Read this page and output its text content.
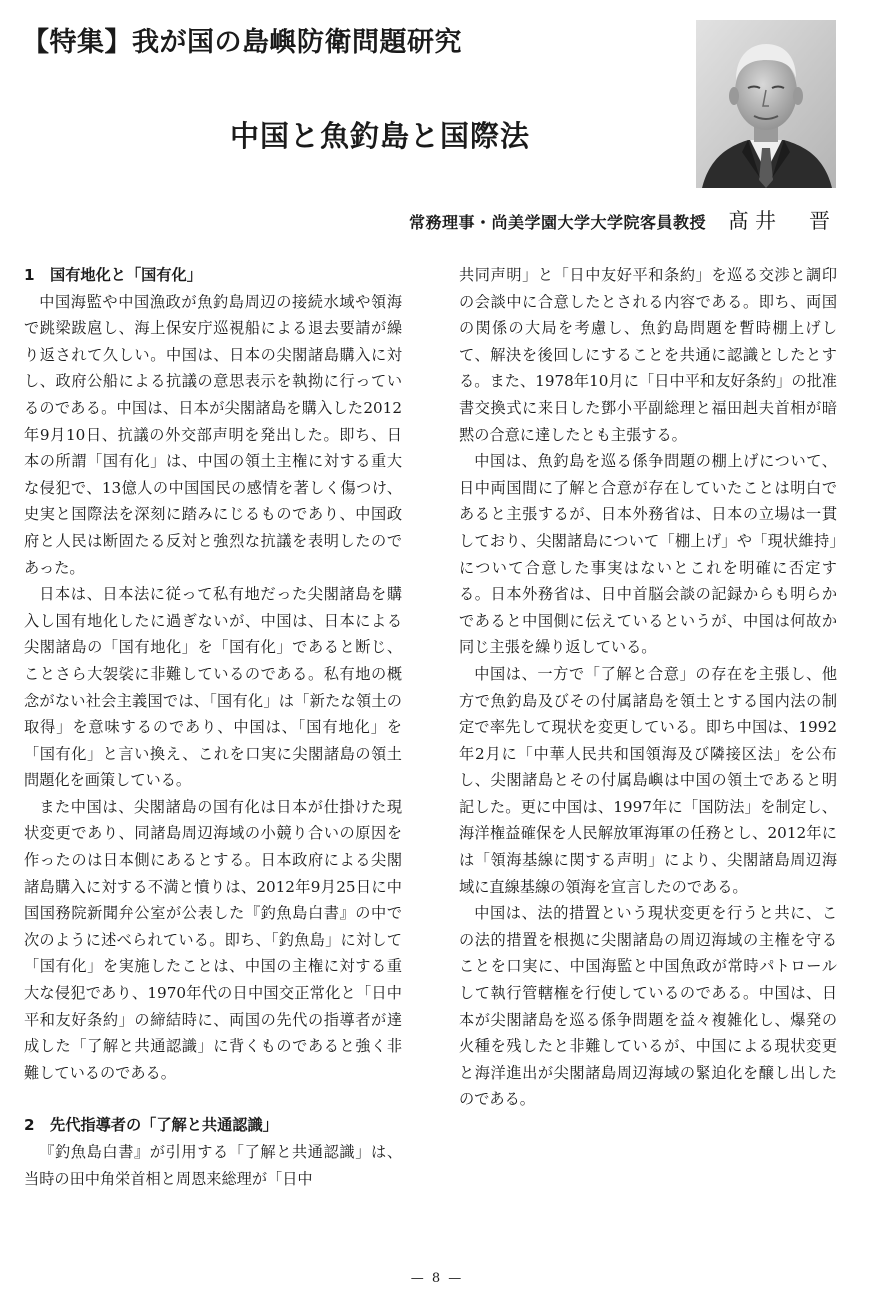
【特集】我が国の島嶼防衛問題研究
中国と魚釣島と国際法
常務理事・尚美学園大学大学院客員教授 髙井　晋
1 国有地化と「国有化」

中国海監や中国漁政が魚釣島周辺の接続水域や領海で跳梁跋扈し、海上保安庁巡視船による退去要請が繰り返されて久しい。中国は、日本の尖閣諸島購入に対し、政府公船による抗議の意思表示を執拗に行っているのである。中国は、日本が尖閣諸島を購入した2012年9月10日、抗議の外交部声明を発出した。即ち、日本の所謂「国有化」は、中国の領土主権に対する重大な侵犯で、13億人の中国国民の感情を著しく傷つけ、史実と国際法を深刻に踏みにじるものであり、中国政府と人民は断固たる反対と強烈な抗議を表明したのであった。

日本は、日本法に従って私有地だった尖閣諸島を購入し国有地化したに過ぎないが、中国は、日本による尖閣諸島の「国有地化」を「国有化」であると断じ、ことさら大袈裟に非難しているのである。私有地の概念がない社会主義国では、「国有化」は「新たな領土の取得」を意味するのであり、中国は、「国有地化」を「国有化」と言い換え、これを口実に尖閣諸島の領土問題化を画策している。

また中国は、尖閣諸島の国有化は日本が仕掛けた現状変更であり、同諸島周辺海域の小競り合いの原因を作ったのは日本側にあるとする。日本政府による尖閣諸島購入に対する不満と憤りは、2012年9月25日に中国国務院新聞弁公室が公表した『釣魚島白書』の中で次のように述べられている。即ち、「釣魚島」に対して「国有化」を実施したことは、中国の主権に対する重大な侵犯であり、1970年代の日中国交正常化と「日中平和友好条約」の締結時に、両国の先代の指導者が達成した「了解と共通認識」に背くものであると強く非難しているのである。

2 先代指導者の「了解と共通認識」

『釣魚島白書』が引用する「了解と共通認識」は、当時の田中角栄首相と周恩来総理が「日中

共同声明」と「日中友好平和条約」を巡る交渉と調印の会談中に合意したとされる内容である。即ち、両国の関係の大局を考慮し、魚釣島問題を暫時棚上げして、解決を後回しにすることを共通に認識としたとする。また、1978年10月に「日中平和友好条約」の批准書交換式に来日した鄧小平副総理と福田赳夫首相が暗黙の合意に達したとも主張する。

中国は、魚釣島を巡る係争問題の棚上げについて、日中両国間に了解と合意が存在していたことは明白であると主張するが、日本外務省は、日本の立場は一貫しており、尖閣諸島について「棚上げ」や「現状維持」について合意した事実はないとこれを明確に否定する。日本外務省は、日中首脳会談の記録からも明らかであると中国側に伝えているというが、中国は何故か同じ主張を繰り返している。

中国は、一方で「了解と合意」の存在を主張し、他方で魚釣島及びその付属諸島を領土とする国内法の制定で率先して現状を変更している。即ち中国は、1992年2月に「中華人民共和国領海及び隣接区法」を公布し、尖閣諸島とその付属島嶼は中国の領土であると明記した。更に中国は、1997年に「国防法」を制定し、海洋権益確保を人民解放軍海軍の任務とし、2012年には「領海基線に関する声明」により、尖閣諸島周辺海域に直線基線の領海を宣言したのである。

中国は、法的措置という現状変更を行うと共に、この法的措置を根拠に尖閣諸島の周辺海域の主権を守ることを口実に、中国海監と中国魚政が常時パトロールして執行管轄権を行使しているのである。中国は、日本が尖閣諸島を巡る係争問題を益々複雑化し、爆発の火種を残したと非難しているが、中国による現状変更と海洋進出が尖閣諸島周辺海域の緊迫化を醸し出したのである。

— 8 —
